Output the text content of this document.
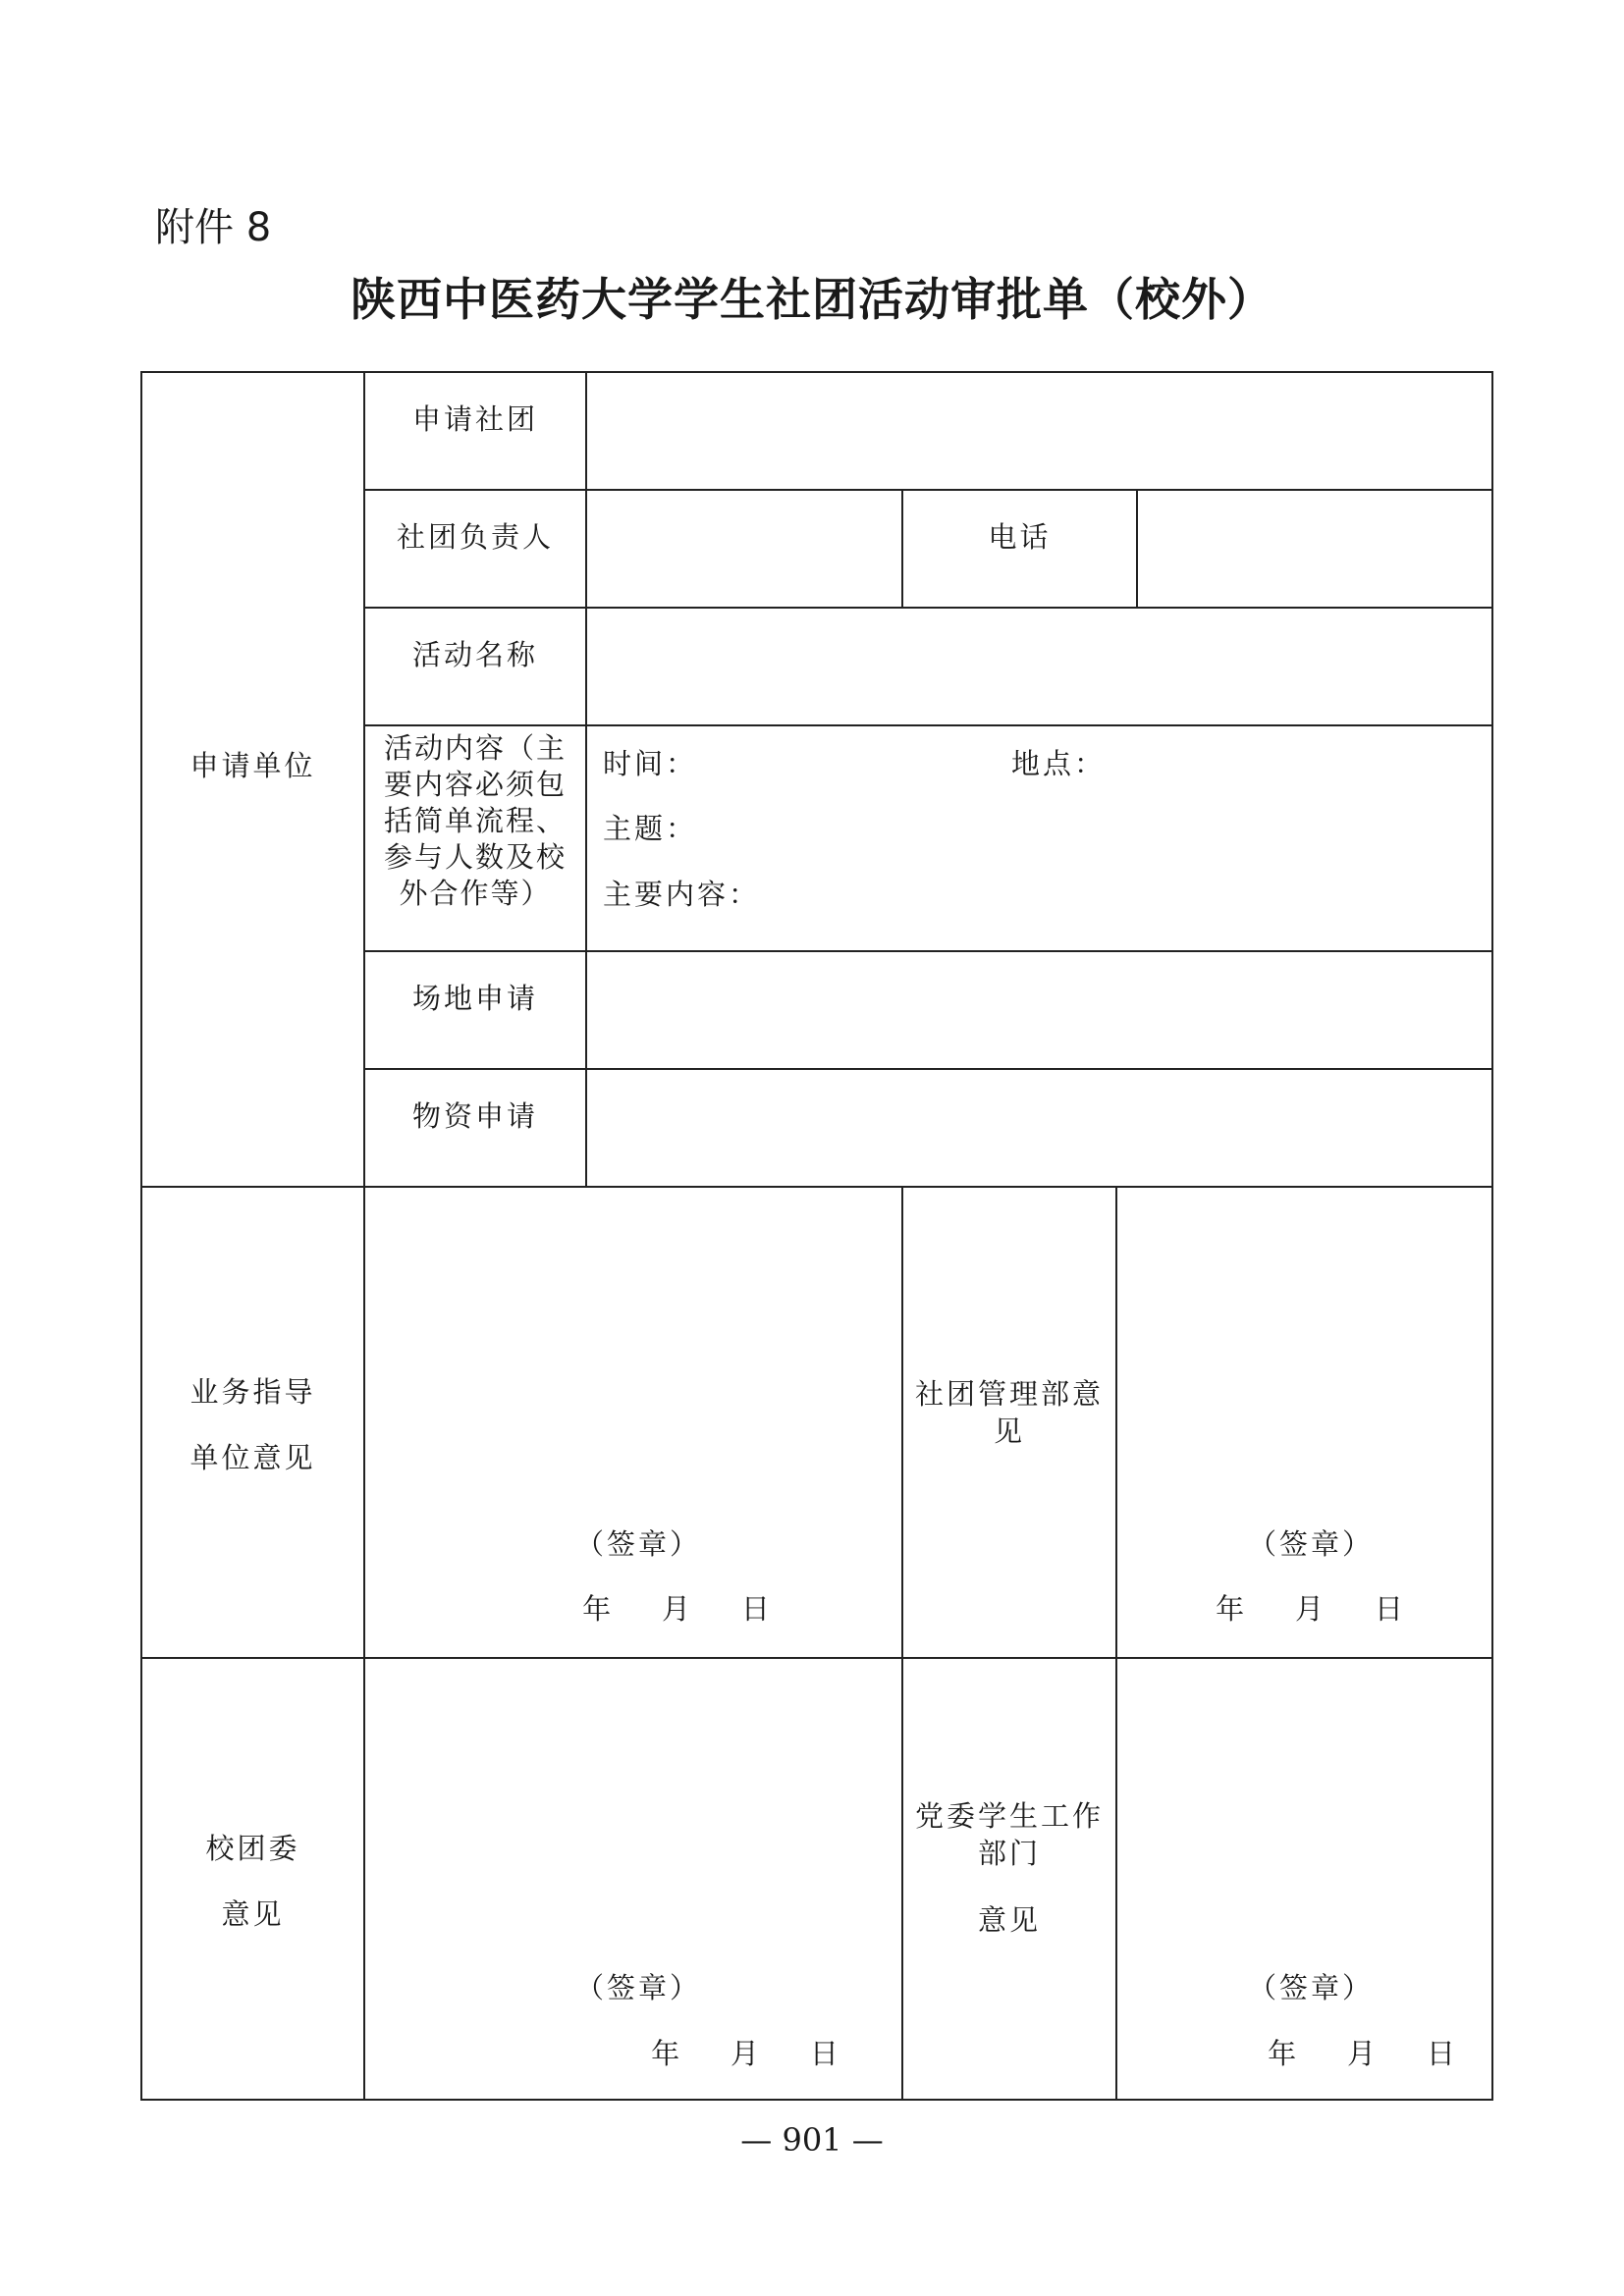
附件 8
陕西中医药大学学生社团活动审批单（校外）
申请单位
申请社团
社团负责人	电话
活动名称
活动内容（主
要内容必须包
括简单流程、
参与人数及校
外合作等）
时间：	地点：
主题：
主要内容：
场地申请
物资申请
业务指导
单位意见
社团管理部意
见
（签章）
年    月    日
（签章）
年    月    日
校团委
意见
党委学生工作
部门
意见
（签章）
年    月    日
（签章）
年    月    日
— 901 —
